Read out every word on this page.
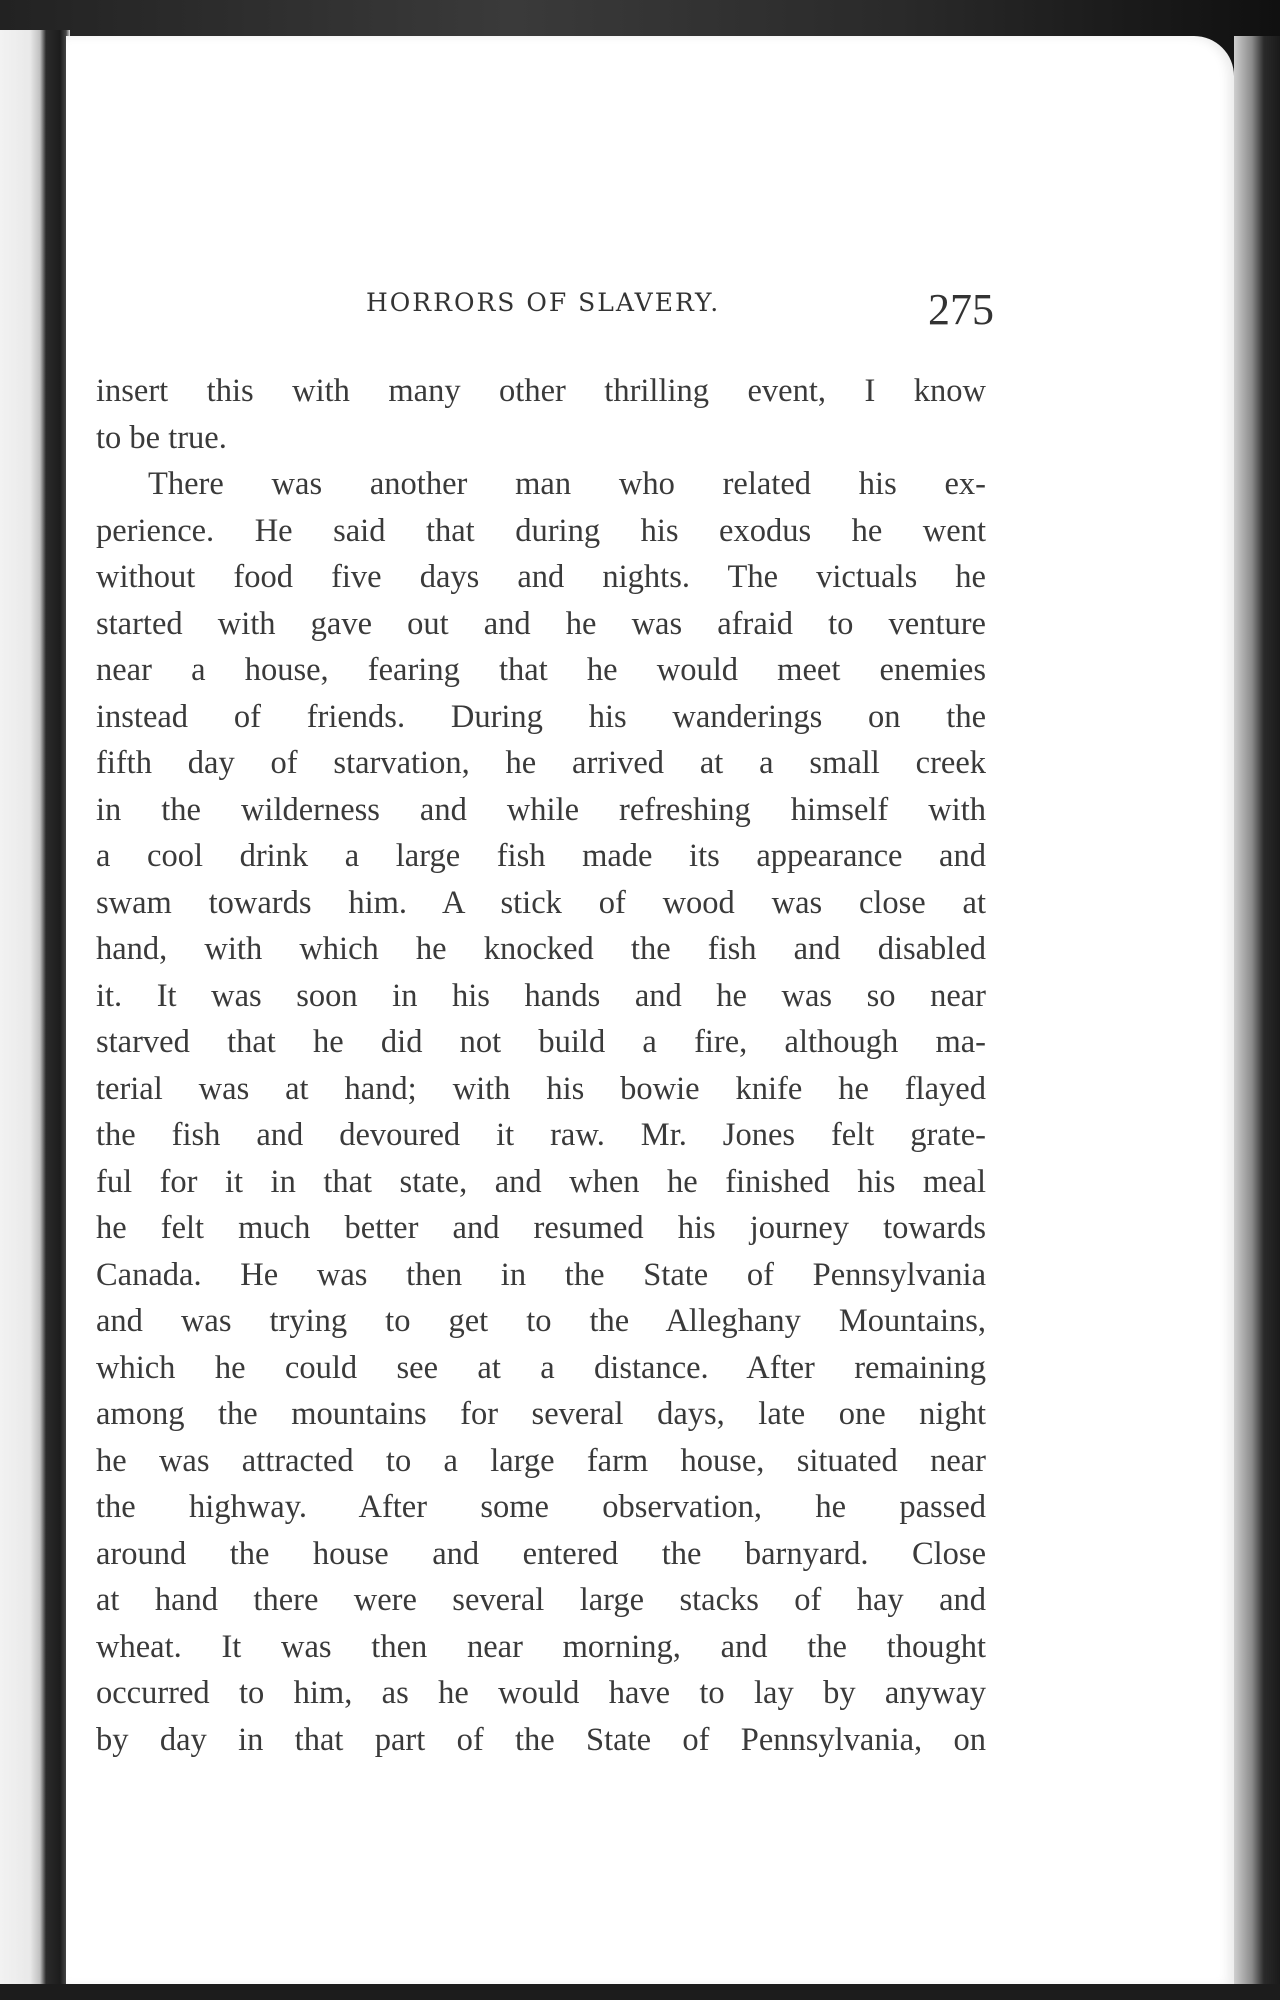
HORRORS OF SLAVERY.	275
insert this with many other thrilling event, I know
to be true.
There was another man who related his ex-
perience. He said that during his exodus he went
without food five days and nights. The victuals he
started with gave out and he was afraid to venture
near a house, fearing that he would meet enemies
instead of friends. During his wanderings on the
fifth day of starvation, he arrived at a small creek
in the wilderness and while refreshing himself with
a cool drink a large fish made its appearance and
swam towards him. A stick of wood was close at
hand, with which he knocked the fish and disabled
it. It was soon in his hands and he was so near
starved that he did not build a fire, although ma-
terial was at hand; with his bowie knife he flayed
the fish and devoured it raw. Mr. Jones felt grate-
ful for it in that state, and when he finished his meal
he felt much better and resumed his journey towards
Canada. He was then in the State of Pennsylvania
and was trying to get to the Alleghany Mountains,
which he could see at a distance. After remaining
among the mountains for several days, late one night
he was attracted to a large farm house, situated near
the highway. After some observation, he passed
around the house and entered the barnyard. Close
at hand there were several large stacks of hay and
wheat. It was then near morning, and the thought
occurred to him, as he would have to lay by anyway
by day in that part of the State of Pennsylvania, on
